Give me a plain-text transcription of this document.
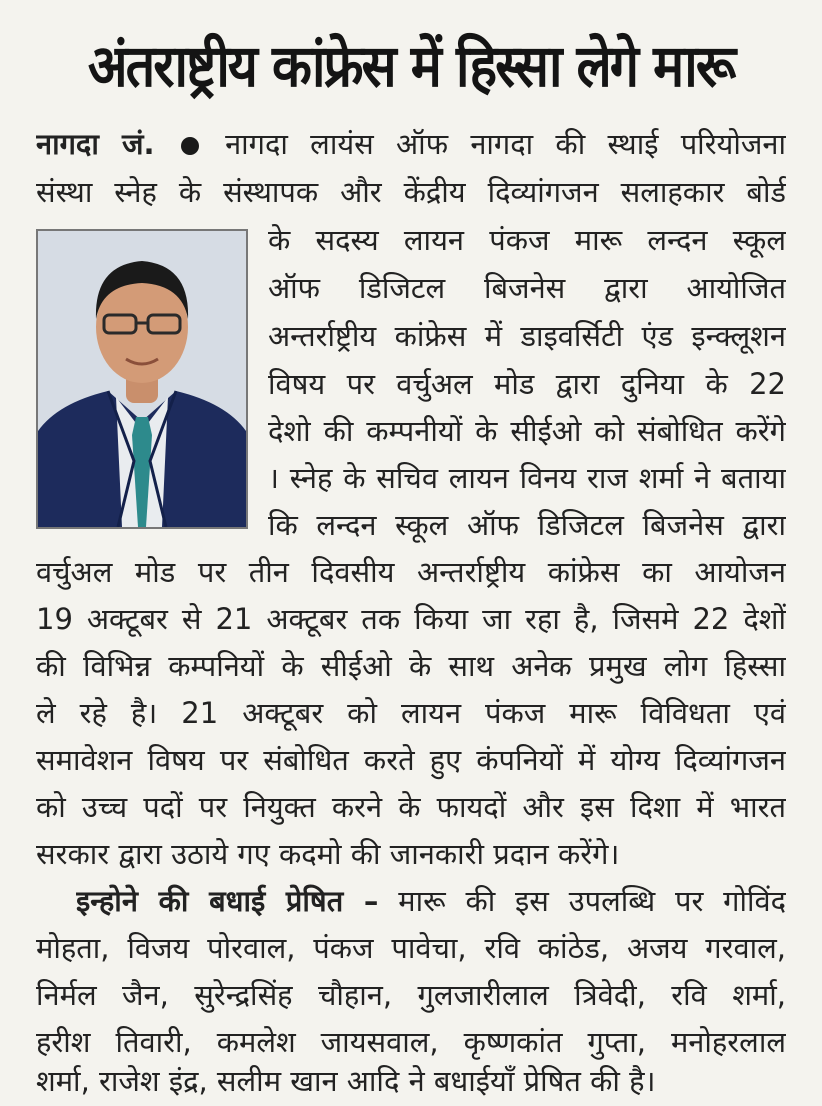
अंतराष्ट्रीय कांफ्रेस में हिस्सा लेगे मारू

नागदा जं. नागदा लायंस ऑफ नागदा की स्थाई परियोजना

संस्था स्नेह के संस्थापक और केंद्रीय दिव्यांगजन सलाहकार बोर्ड

के सदस्य लायन पंकज मारू लन्दन स्कूल

ऑफ डिजिटल बिजनेस द्वारा आयोजित

अन्तर्राष्ट्रीय कांफ्रेस में डाइवर्सिटी एंड इन्क्लूशन

विषय पर वर्चुअल मोड द्वारा दुनिया के 22

देशो की कम्पनीयों के सीईओ को संबोधित करेंगे

। स्नेह के सचिव लायन विनय राज शर्मा ने बताया

कि लन्दन स्कूल ऑफ डिजिटल बिजनेस द्वारा

वर्चुअल मोड पर तीन दिवसीय अन्तर्राष्ट्रीय कांफ्रेस का आयोजन

19 अक्टूबर से 21 अक्टूबर तक किया जा रहा है, जिसमे 22 देशों

की विभिन्न कम्पनियों के सीईओ के साथ अनेक प्रमुख लोग हिस्सा

ले रहे है। 21 अक्टूबर को लायन पंकज मारू विविधता एवं

समावेशन विषय पर संबोधित करते हुए कंपनियों में योग्य दिव्यांगजन

को उच्च पदों पर नियुक्त करने के फायदों और इस दिशा में भारत

सरकार द्वारा उठाये गए कदमो की जानकारी प्रदान करेंगे।

इन्होने की बधाई प्रेषित – मारू की इस उपलब्धि पर गोविंद

मोहता, विजय पोरवाल, पंकज पावेचा, रवि कांठेड, अजय गरवाल,

निर्मल जैन, सुरेन्द्रसिंह चौहान, गुलजारीलाल त्रिवेदी, रवि शर्मा,

हरीश तिवारी, कमलेश जायसवाल, कृष्णकांत गुप्ता, मनोहरलाल

शर्मा, राजेश इंद्र, सलीम खान आदि ने बधाईयाँ प्रेषित की है।
